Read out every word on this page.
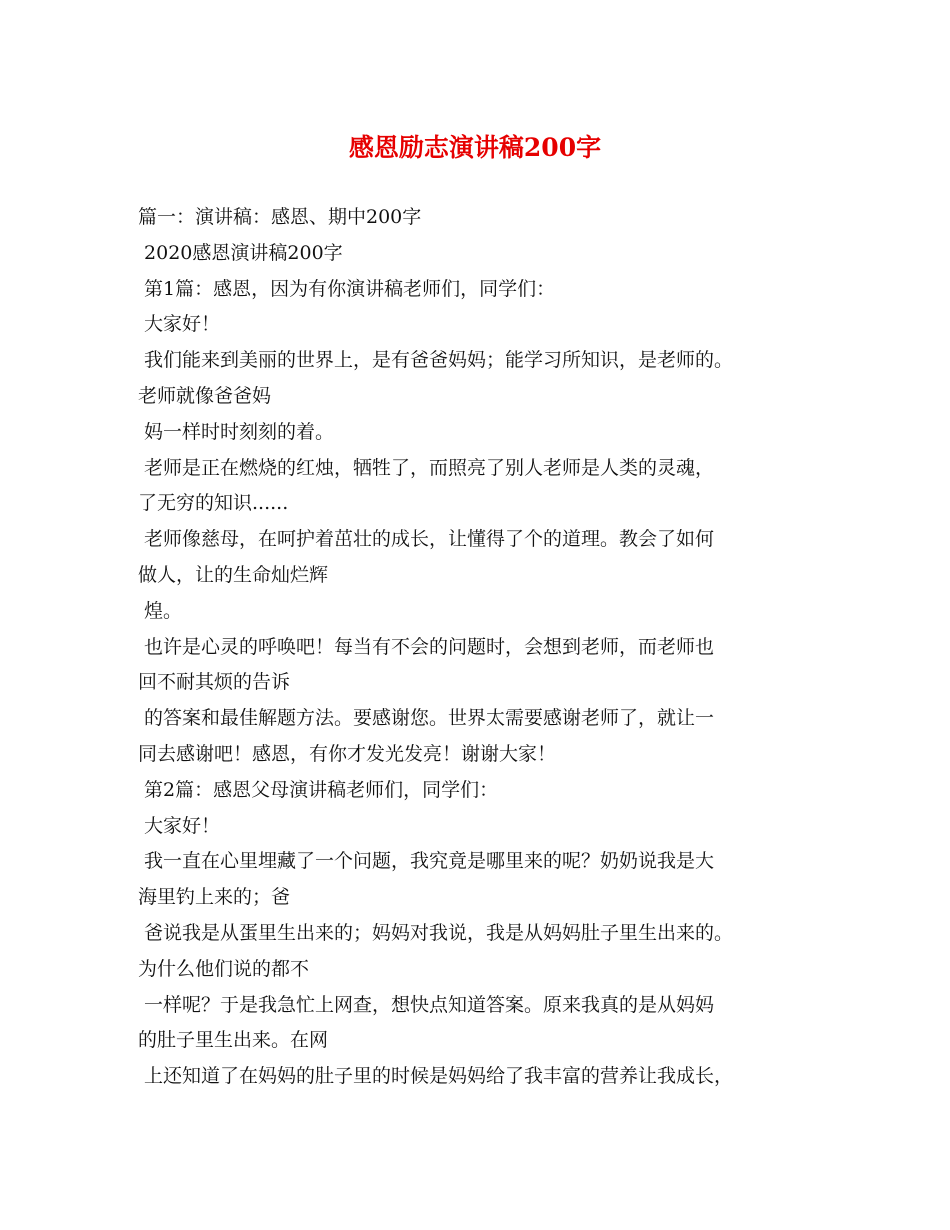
感恩励志演讲稿200字
篇一：演讲稿：感恩、期中200字
2020感恩演讲稿200字
第1篇：感恩，因为有你演讲稿老师们，同学们：
大家好！
我们能来到美丽的世界上，是有爸爸妈妈；能学习所知识，是老师的。
老师就像爸爸妈
妈一样时时刻刻的着。
老师是正在燃烧的红烛，牺牲了，而照亮了别人老师是人类的灵魂，
了无穷的知识......
老师像慈母，在呵护着茁壮的成长，让懂得了个的道理。教会了如何
做人，让的生命灿烂辉
煌。
也许是心灵的呼唤吧！每当有不会的问题时，会想到老师，而老师也
回不耐其烦的告诉
的答案和最佳解题方法。要感谢您。世界太需要感谢老师了，就让一
同去感谢吧！感恩，有你才发光发亮！谢谢大家！
第2篇：感恩父母演讲稿老师们，同学们：
大家好！
我一直在心里埋藏了一个问题，我究竟是哪里来的呢？奶奶说我是大
海里钓上来的；爸
爸说我是从蛋里生出来的；妈妈对我说，我是从妈妈肚子里生出来的。
为什么他们说的都不
一样呢？于是我急忙上网查，想快点知道答案。原来我真的是从妈妈
的肚子里生出来。在网
上还知道了在妈妈的肚子里的时候是妈妈给了我丰富的营养让我成长，
